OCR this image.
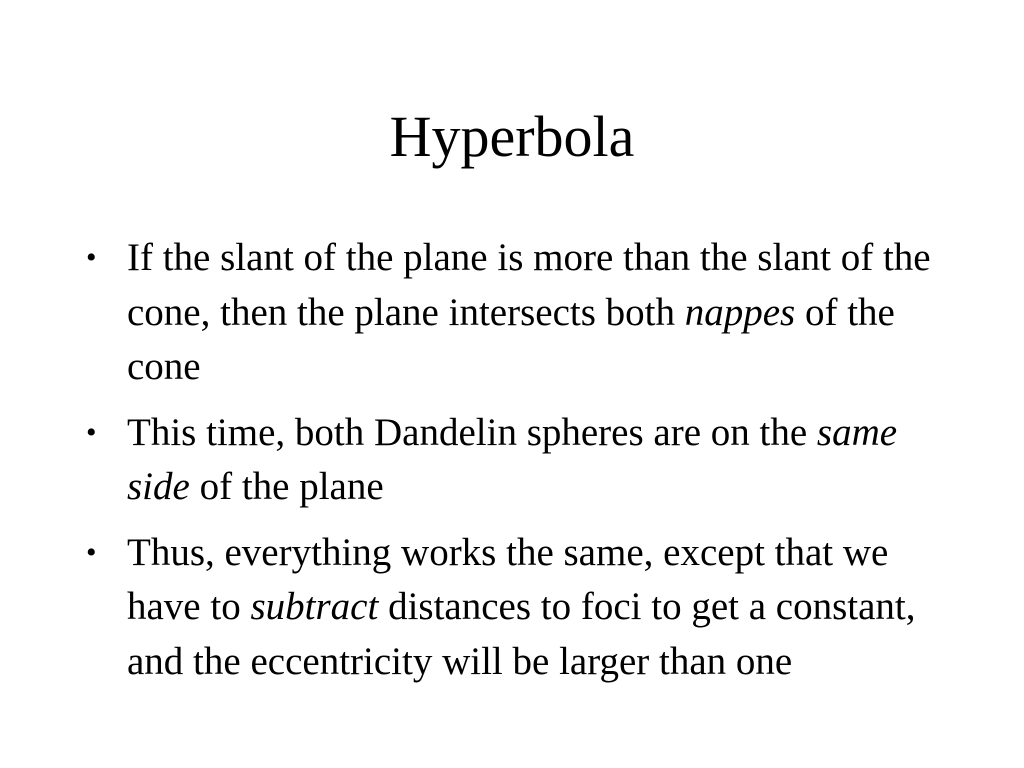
Hyperbola
• If the slant of the plane is more than the slant of the cone, then the plane intersects both nappes of the cone
• This time, both Dandelin spheres are on the same side of the plane
• Thus, everything works the same, except that we have to subtract distances to foci to get a constant, and the eccentricity will be larger than one
